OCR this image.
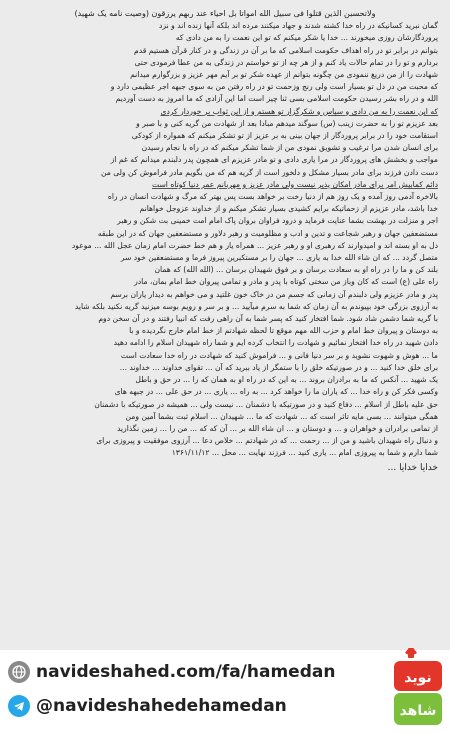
ولاتحسبن الذين قتلوا فی سبیل الله امواتا بل احیاء عند ربهم یرزقون (وصیت نامه یک شهید)

گمان نبرید کسانیکه در راه خدا کشته شدند و جهاد میکنند مرده اند بلکه آنها زنده اند و نزد

پروردگارشان روزی میخورند ... خدا یا شکر میکنم که تو این نعمت را به من دادی که

بتوانم در برابر تو در راه اهداف حکومت اسلامی که ما بر آن در زندگی و در کنار قرآن هستیم قدم

بردارم و تو را در تمام حالات یاد کنم و از هر چه از تو خواستم در زندگی به من عطا فرمودی حتی

شهادت را از من دریغ ننمودی من چگونه بتوانم از عهده شکر تو بر آیم مهر عزیز و بزرگوارم میدانم

که محبت من در دل تو بسیار است ولی رنج وزحمت تو در راه رفتن من به سوی جبهه اجر عظیمی دارد و

الله و در راه بشر رسیدن حکومت اسلامی بسی ثنا چیز است اما این آزادی که ما امروز به دست آوردیم

که این نعمت را به من دادی و سپاس و شکرگزار تو هستم و از این ثواب بر خوردار کردی

بعد عزیزم تو را به حضرت زینب (س) سوگند میدهم مبادا بعد از شهادت من گریه کنی و با صبر و

استقامت خود را در برابر پروردگار از جهان بینی به بر عزیز از تو تشکر میکنم که همواره از کودکی

برای انسان شدن مرا ترغیب و تشویق نمودی من از شما تشکر میکنم که در راه با نجام رسیدن

مواجب و بخشش های پروردگار در مرا یاری دادی و تو مادر عزیزم ای همچون پدر دلبندم میدانم که غم از

دست دادن فرزند برای مادر بسیار مشکل و دلخور است از گریه هم که من بگویم مادر فراموش کن ولی من

دائم کمابیش امر برای مادر امکان پذیر نیست ولی مادر عزیز و مهربانم عمر دنیا کوتاه است

بالاخره آدمی روز آمده و یک روز هم از دنیا رخت بر خواهد بست پس بهتر که مرگ و شهادت انسان در راه

خدا باشد، مادر عزیزم از زحماتیکه برایم کشیدی بسیار تشکر میکنم و از خداوند عزوجل خواهانم

اجر و منزلت در بهشت بشما عنایت فرماید و درود فراوان بروان پاک امام امت خمینی بت شکن و رهبر

مستضعفین جهان و رهبر شجاعت و تدین و ادب و مظلومیت و رهبر دلاور و مستضعفین جهان که در این طبقه

دل به او بسته اند و امیدوارند که رهبری او و رهبر عزیز ... همراه یار و هم خط حضرت امام زمان عجل الله ... موعود

متصل گردد ... که ان شاء الله خدا به یاری ... جهان را بر مستکبرین پیروز فرما و مستضعفین خود سر

بلند کن و ما را در راه او به سعادت برسان و بر فوق شهیدان برسان ... (الله الله) که همان

راه علی (ع) است که کان وباز من سختی کوتاه با پدر و مادر و تمامی پیروان خط امام بمان، مادر

پدر و مادر عزیزم ولی دلبندم آن زمانی که جسم من در خاک خون غلتید و می خواهم به دیدار یاران برسم

به آرزوی بزرگی خود بپیوندم به آن زمان که شما به سرم میآیید ... و بر سر و رویم بوسه میزنید گریه نکنید بلکه شاید

با گریه شما دشمن شاد شود. شما افتخار کنید که پسر شما به آن راهی رفت که انبیا رفتند و در آن سخن دوم

به دوستان و پیروان خط امام و حزب الله مهم موقع تا لحظه شهادتم از خط امام خارج نگردیده و با

دادن شهید در راه خدا افتخار نمائیم و شهادت را انتخاب کرده ایم و شما راه شهیدان اسلام را ادامه دهید

ما ... هوش و شهوت نشوید و بر سر دنیا فانی و ... فراموش کنید که شهادت در راه خدا سعادت است

برای خلق خدا کنید ... و در صورتیکه خلق را با ستمگر از یاد ببرید که آن ... تقوای خداوند ... خداوند ...

یک شهید ... آنکس که ما به برادران بروند ... به این که در راه او به همان که را ... در حق و باطل

وکسی فکر کن و راه خدا ... که یاران ما را خواهد کرد ... به راه ... یاری ... در حق علی ... در جبهه های

حق علیه باطل از اسلام ... دفاع کنید و در صورتیکه با دشمنان ... نیست ولی ... همیشه در صورتیکه با دشمنان

همگی میتوانند ... بسی مایه تاثر است که ... شهادت که ما ... شهیدان ... اسلام ثبت بشما آمین ومن

از تمامی برادران و خواهران و ... و دوستان و ... ان شاء الله بر ... آن که که ... من را ... زمین نگذارید

و دنبال راه شهیدان باشید و من از ... رحمت ... که در شهادتم ... خلاص دعا ... آرزوی موفقیت و پیروزی برای

شما دارم و شما به پیروزی امام ... یاری کنید ... فرزند نهایت ... محل ... ۱۳۶۱/۱۱/۱۲

خدایا خدایا ...
navideshahed.com/fa/hamedan
@navideshahedehamedan
نوید
شاهد
